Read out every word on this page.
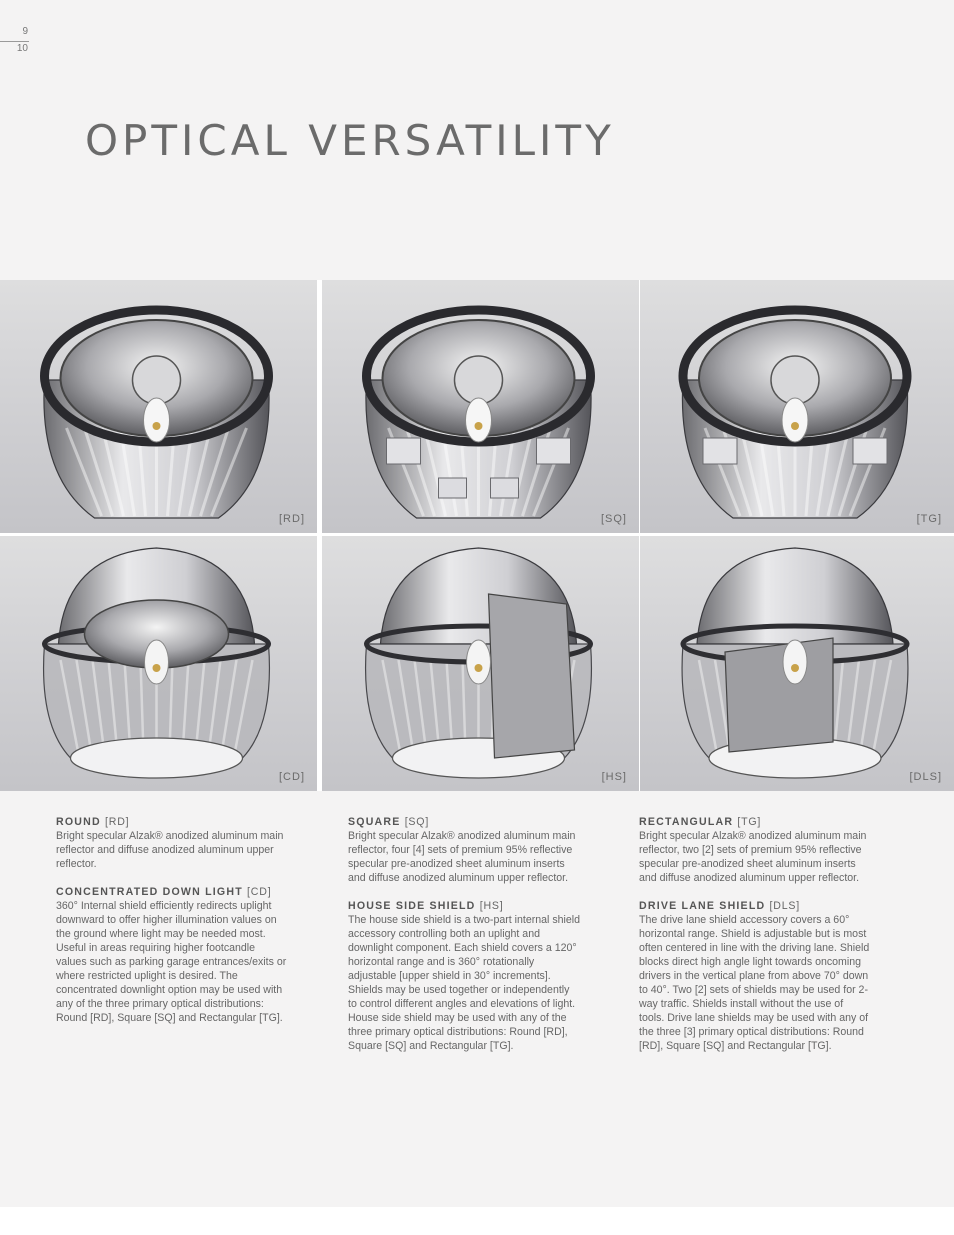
9
10
OPTICAL VERSATILITY
[RD]	[SQ]	[TG]
[CD]	[HS]	[DLS]
ROUND [RD]

Bright specular Alzak® anodized aluminum main reflector and diffuse anodized aluminum upper reflector.

CONCENTRATED DOWN LIGHT [CD]

360° Internal shield efficiently redirects uplight downward to offer higher illumination values on the ground where light may be needed most. Useful in areas requiring higher footcandle values such as parking garage entrances/exits or where restricted uplight is desired. The concentrated downlight option may be used with any of the three primary optical distributions: Round [RD], Square [SQ] and Rectangular [TG].

SQUARE [SQ]

Bright specular Alzak® anodized aluminum main reflector, four [4] sets of premium 95% reflective specular pre-anodized sheet aluminum inserts and diffuse anodized aluminum upper reflector.

HOUSE SIDE SHIELD [HS]

The house side shield is a two-part internal shield accessory controlling both an uplight and downlight component. Each shield covers a 120° horizontal range and is 360° rotationally adjustable [upper shield in 30° increments]. Shields may be used together or independently to control different angles and elevations of light. House side shield may be used with any of the three primary optical distributions: Round [RD], Square [SQ] and Rectangular [TG].

RECTANGULAR [TG]

Bright specular Alzak® anodized aluminum main reflector, two [2] sets of premium 95% reflective specular pre-anodized sheet aluminum inserts and diffuse anodized aluminum upper reflector.

DRIVE LANE SHIELD [DLS]

The drive lane shield accessory covers a 60° horizontal range. Shield is adjustable but is most often centered in line with the driving lane. Shield blocks direct high angle light towards oncoming drivers in the vertical plane from above 70° down to 40°. Two [2] sets of shields may be used for 2-way traffic. Shields install without the use of tools. Drive lane shields may be used with any of the three [3] primary optical distributions: Round [RD], Square [SQ] and Rectangular [TG].
